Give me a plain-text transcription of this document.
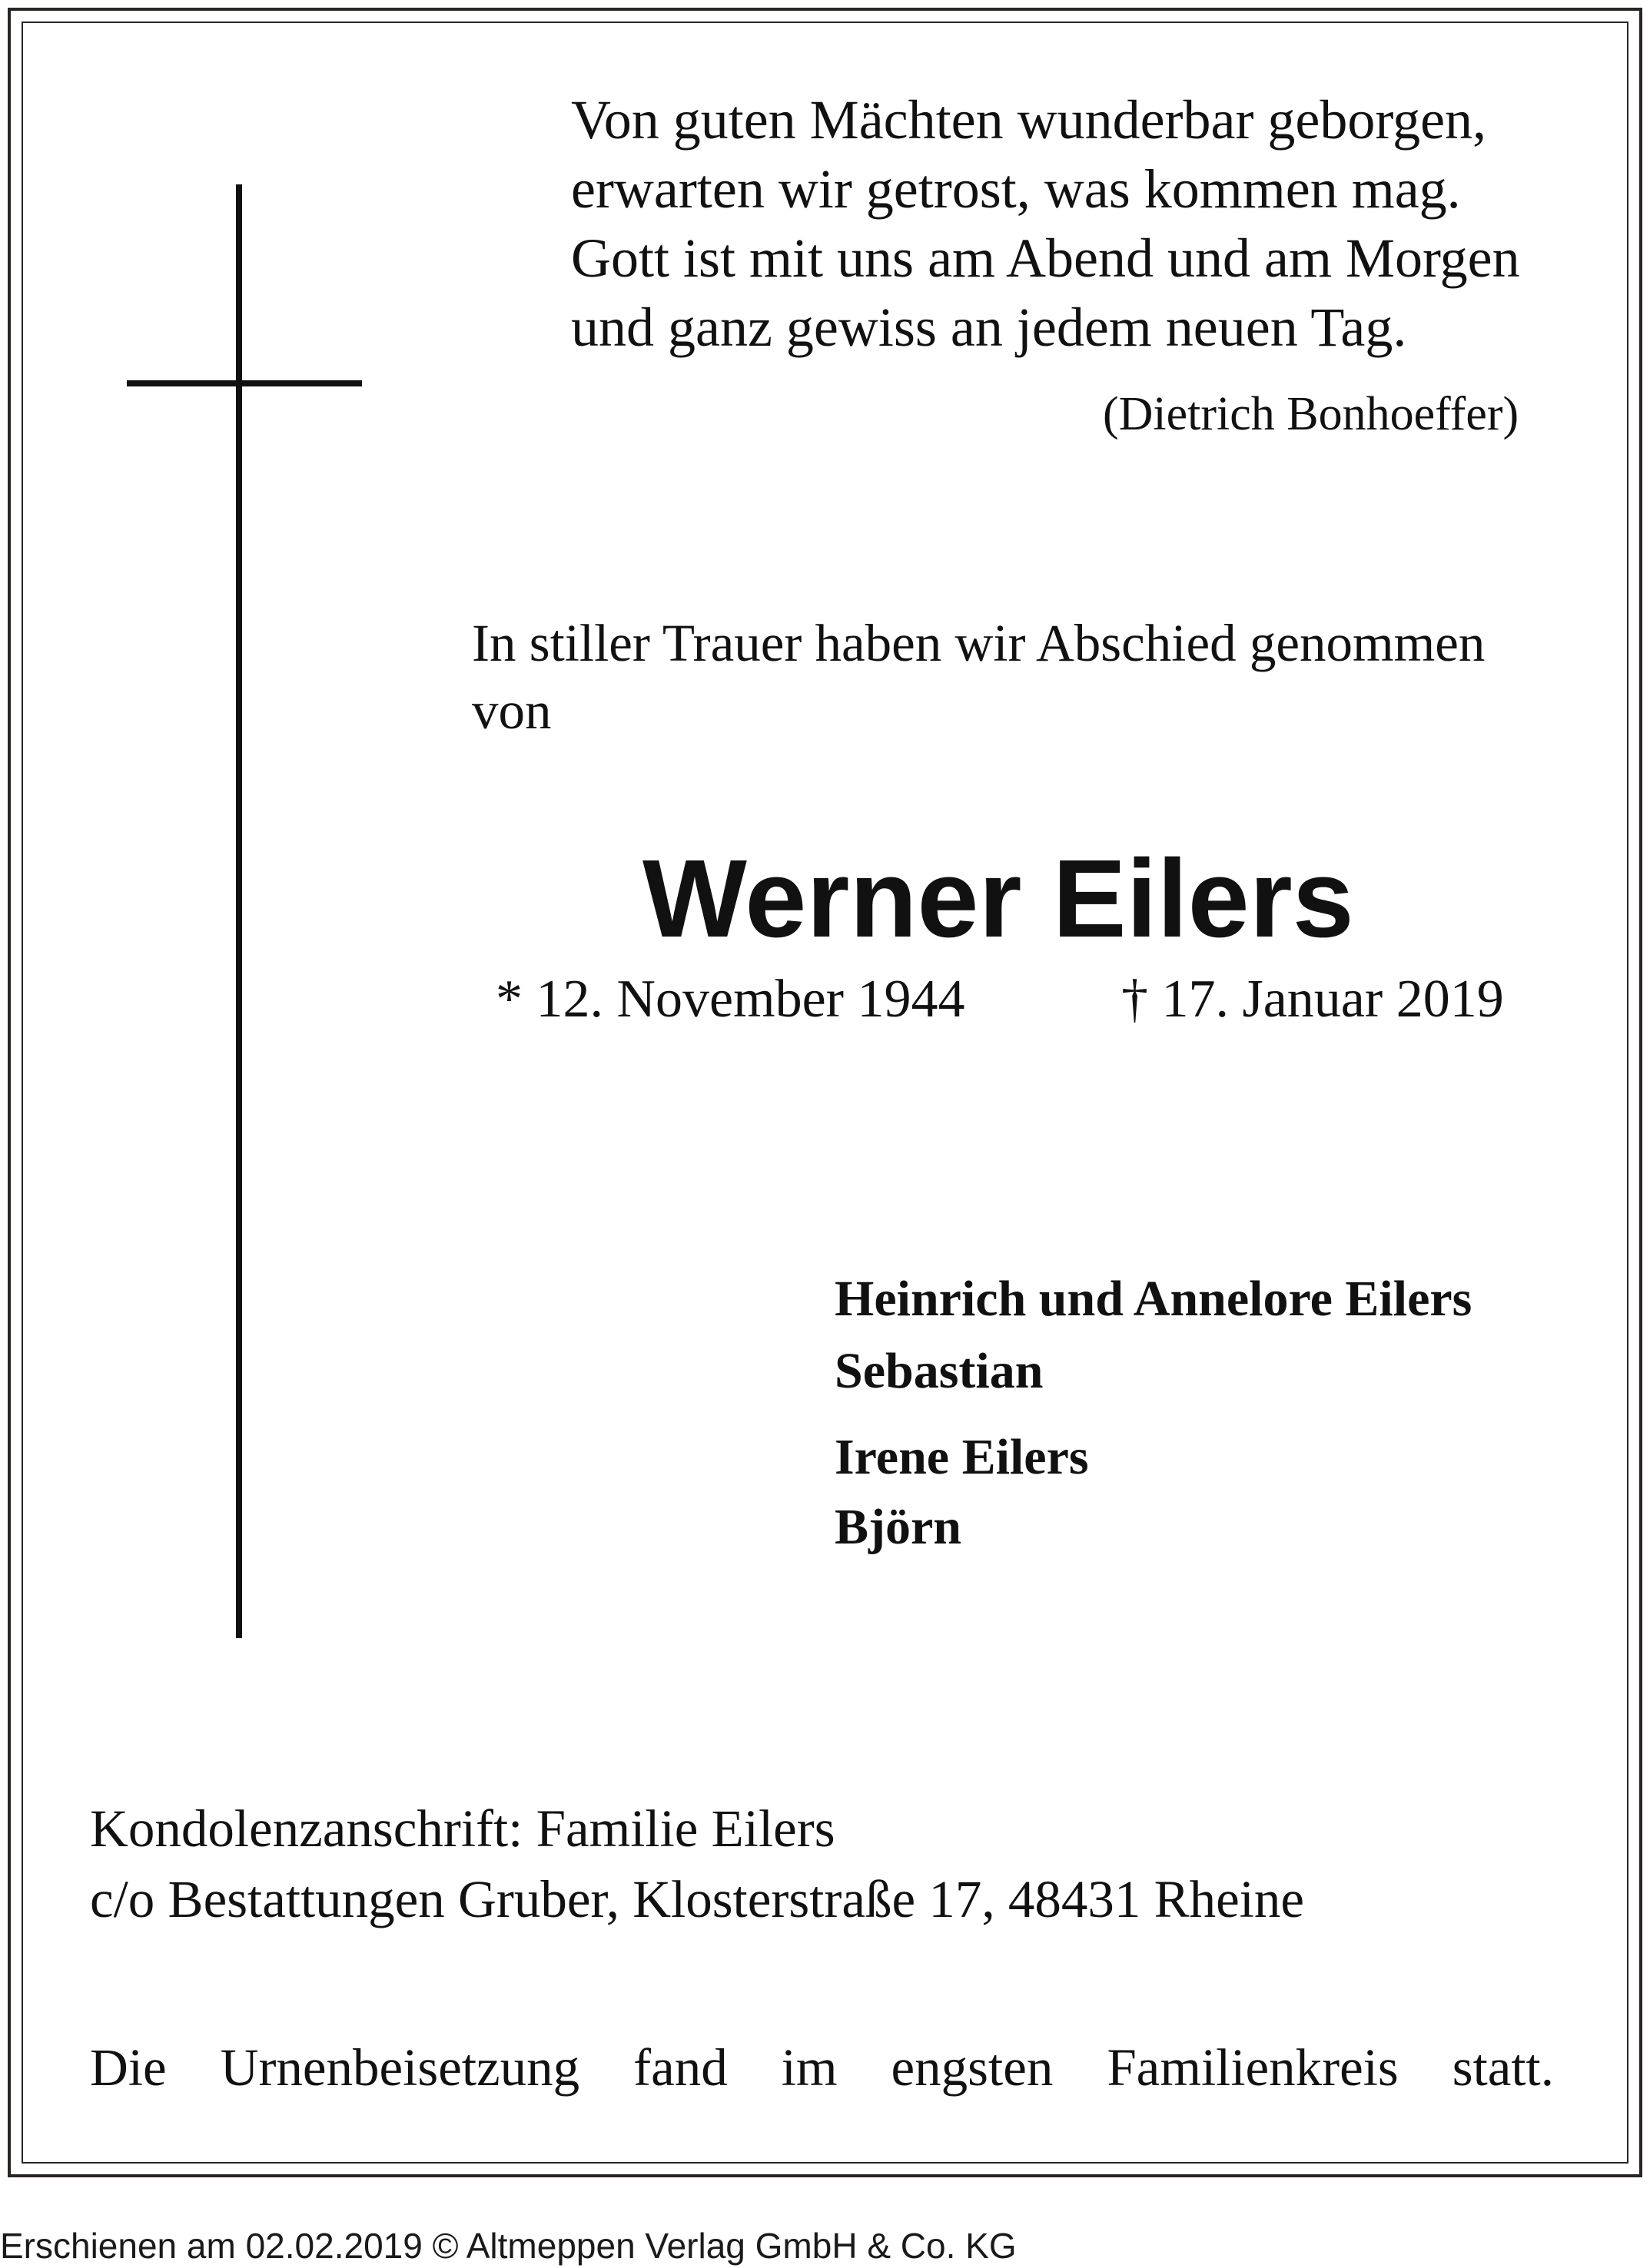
Von guten Mächten wunderbar geborgen,
erwarten wir getrost, was kommen mag.
Gott ist mit uns am Abend und am Morgen
und ganz gewiss an jedem neuen Tag.
(Dietrich Bonhoeffer)
In stiller Trauer haben wir Abschied genommen
von
Werner Eilers
* 12. November 1944	† 17. Januar 2019
Heinrich und Annelore Eilers
Sebastian
Irene Eilers
Björn
Kondolenzanschrift: Familie Eilers
c/o Bestattungen Gruber, Klosterstraße 17, 48431 Rheine
Die Urnenbeisetzung fand im engsten Familienkreis statt.
Erschienen am 02.02.2019 © Altmeppen Verlag GmbH & Co. KG
